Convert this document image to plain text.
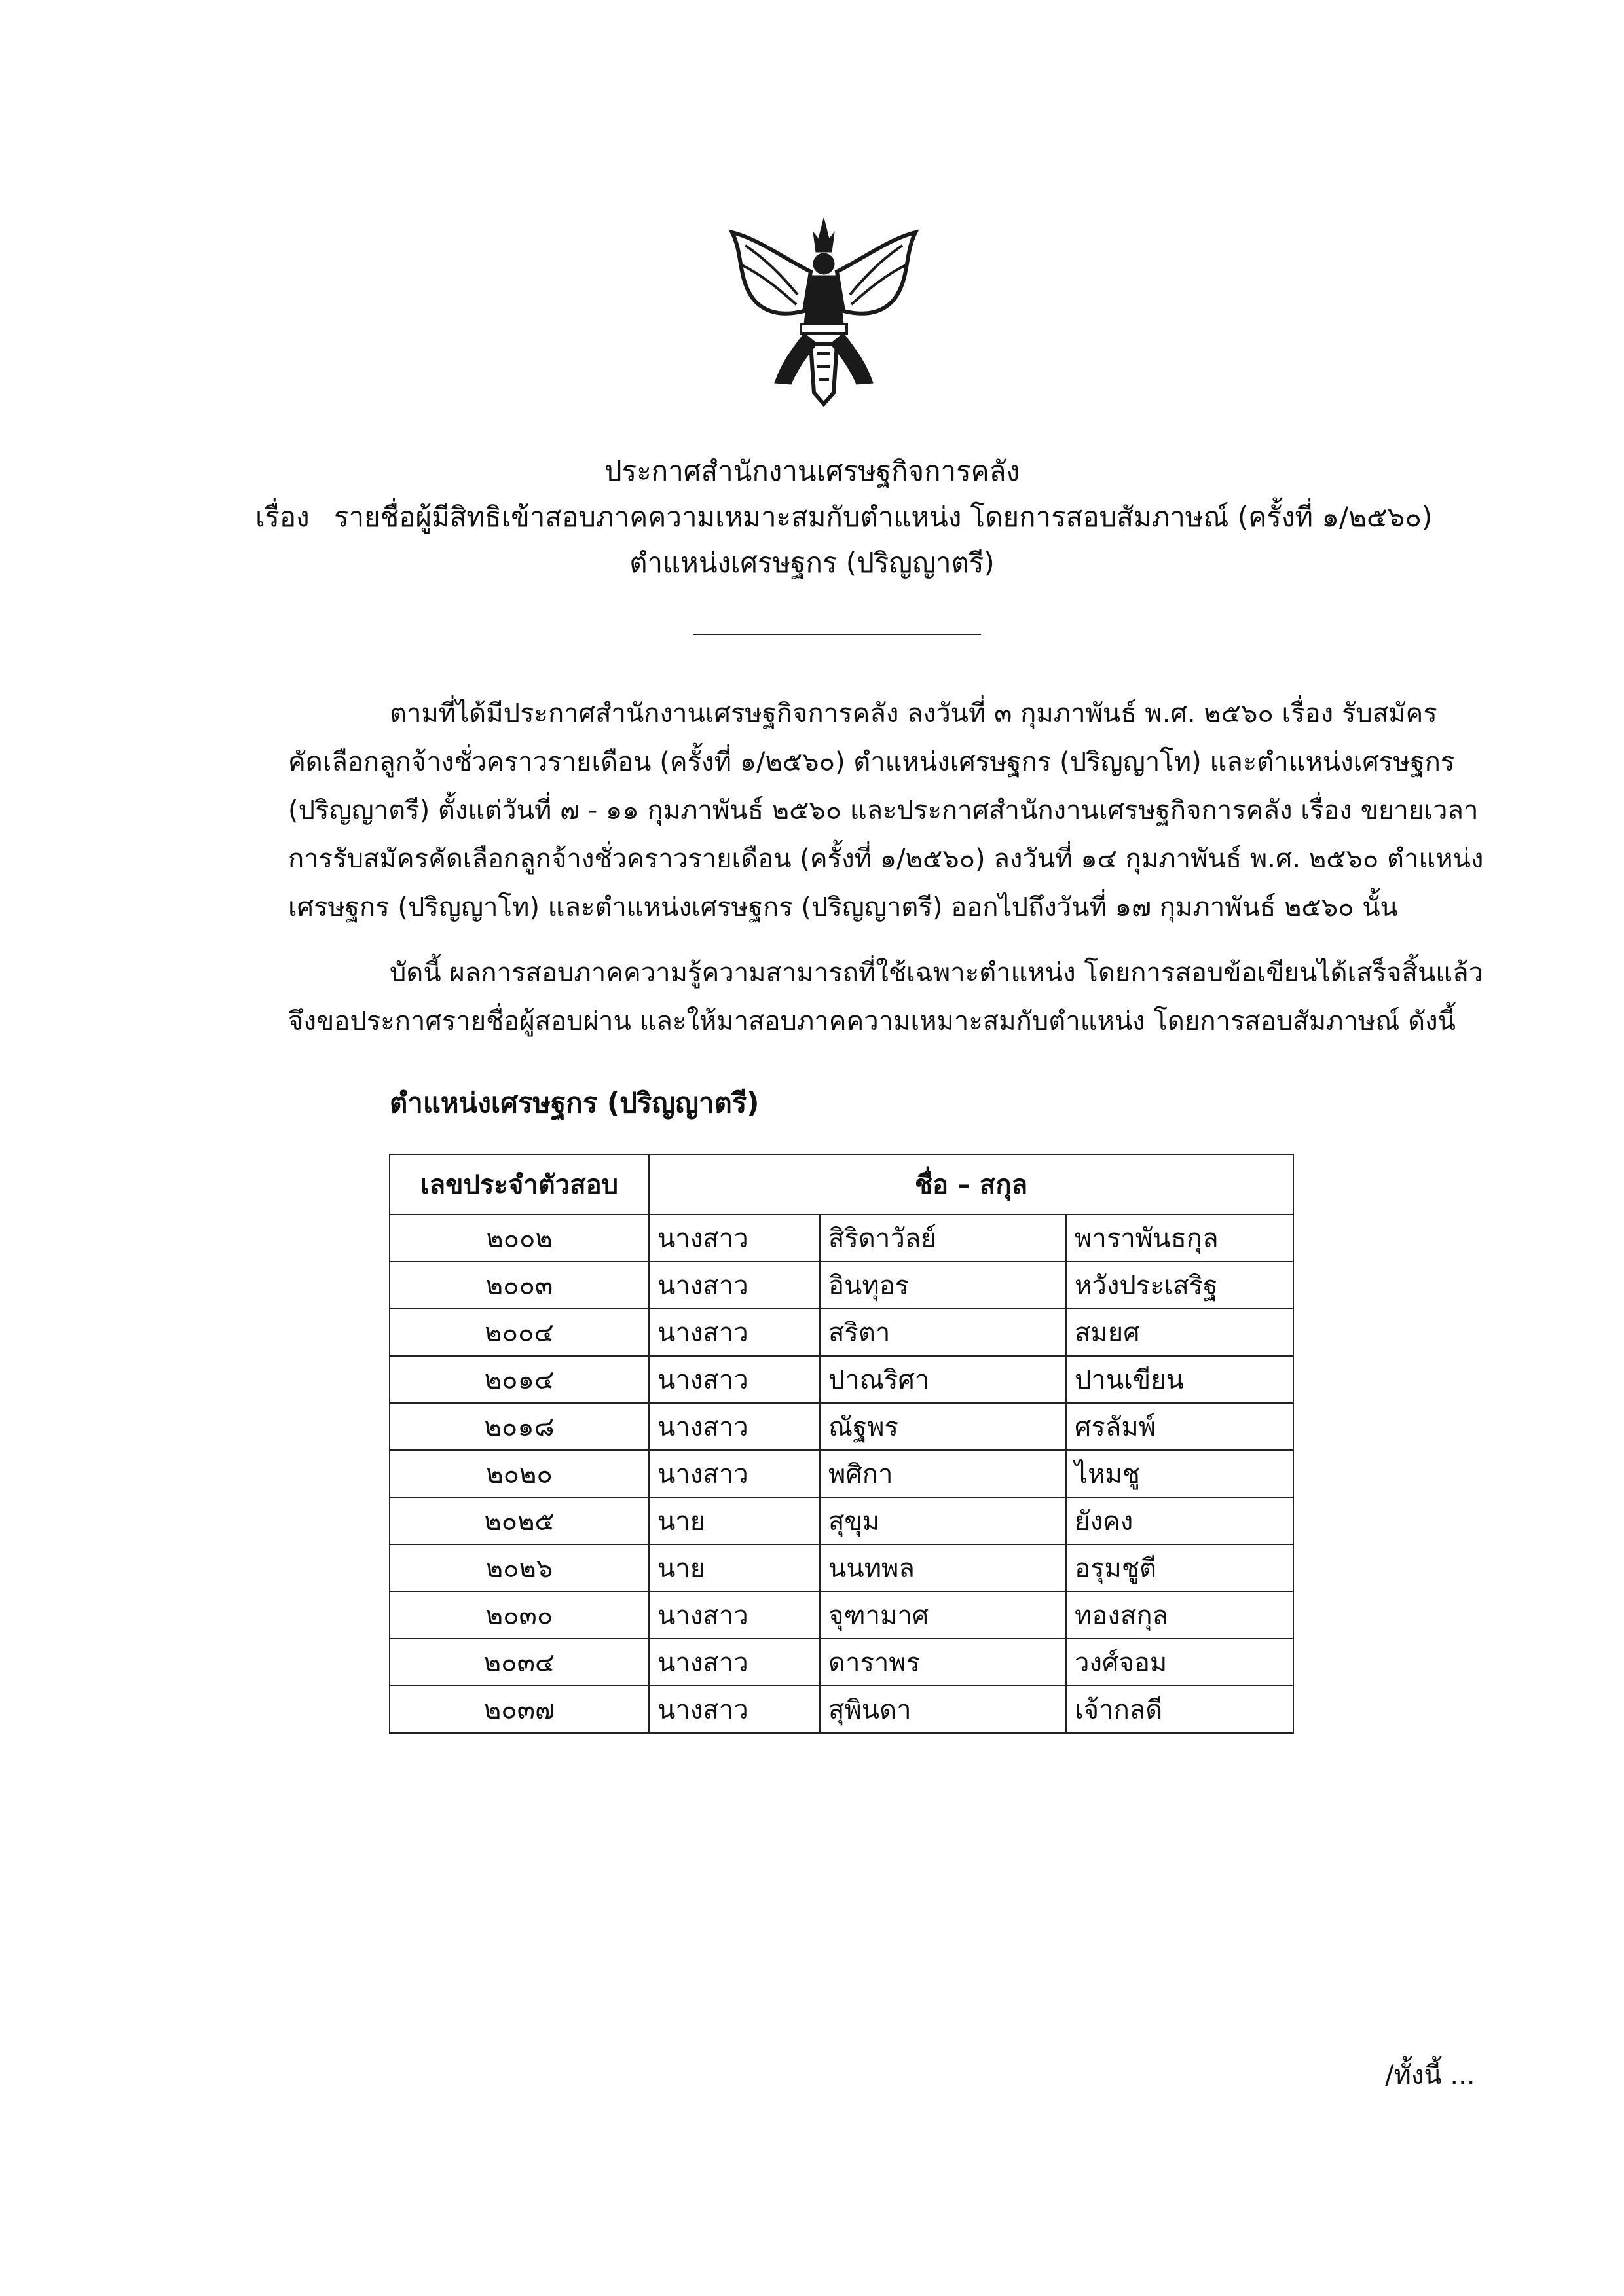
ประกาศสำนักงานเศรษฐกิจการคลัง
เรื่อง รายชื่อผู้มีสิทธิเข้าสอบภาคความเหมาะสมกับตำแหน่ง โดยการสอบสัมภาษณ์ (ครั้งที่ ๑/๒๕๖๐)
ตำแหน่งเศรษฐกร (ปริญญาตรี)
ตามที่ได้มีประกาศสำนักงานเศรษฐกิจการคลัง ลงวันที่ ๓ กุมภาพันธ์ พ.ศ. ๒๕๖๐ เรื่อง รับสมัคร
คัดเลือกลูกจ้างชั่วคราวรายเดือน (ครั้งที่ ๑/๒๕๖๐) ตำแหน่งเศรษฐกร (ปริญญาโท) และตำแหน่งเศรษฐกร
(ปริญญาตรี) ตั้งแต่วันที่ ๗ - ๑๑ กุมภาพันธ์ ๒๕๖๐ และประกาศสำนักงานเศรษฐกิจการคลัง เรื่อง ขยายเวลา
การรับสมัครคัดเลือกลูกจ้างชั่วคราวรายเดือน (ครั้งที่ ๑/๒๕๖๐) ลงวันที่ ๑๔ กุมภาพันธ์ พ.ศ. ๒๕๖๐ ตำแหน่ง
เศรษฐกร (ปริญญาโท) และตำแหน่งเศรษฐกร (ปริญญาตรี) ออกไปถึงวันที่ ๑๗ กุมภาพันธ์ ๒๕๖๐ นั้น
บัดนี้ ผลการสอบภาคความรู้ความสามารถที่ใช้เฉพาะตำแหน่ง โดยการสอบข้อเขียนได้เสร็จสิ้นแล้ว
จึงขอประกาศรายชื่อผู้สอบผ่าน และให้มาสอบภาคความเหมาะสมกับตำแหน่ง โดยการสอบสัมภาษณ์ ดังนี้
ตำแหน่งเศรษฐกร (ปริญญาตรี)
เลขประจำตัวสอบ	ชื่อ – สกุล		
๒๐๐๒	นางสาว	สิริดาวัลย์	พาราพันธกุล
๒๐๐๓	นางสาว	อินทุอร	หวังประเสริฐ
๒๐๐๔	นางสาว	สริตา	สมยศ
๒๐๑๔	นางสาว	ปาณริศา	ปานเขียน
๒๐๑๘	นางสาว	ณัฐพร	ศรลัมพ์
๒๐๒๐	นางสาว	พศิกา	ไหมชู
๒๐๒๕	นาย	สุขุม	ยังคง
๒๐๒๖	นาย	นนทพล	อรุมชูตี
๒๐๓๐	นางสาว	จุฑามาศ	ทองสกุล
๒๐๓๔	นางสาว	ดาราพร	วงศ์จอม
๒๐๓๗	นางสาว	สุพินดา	เจ้ากลดี
/ทั้งนี้ ...
